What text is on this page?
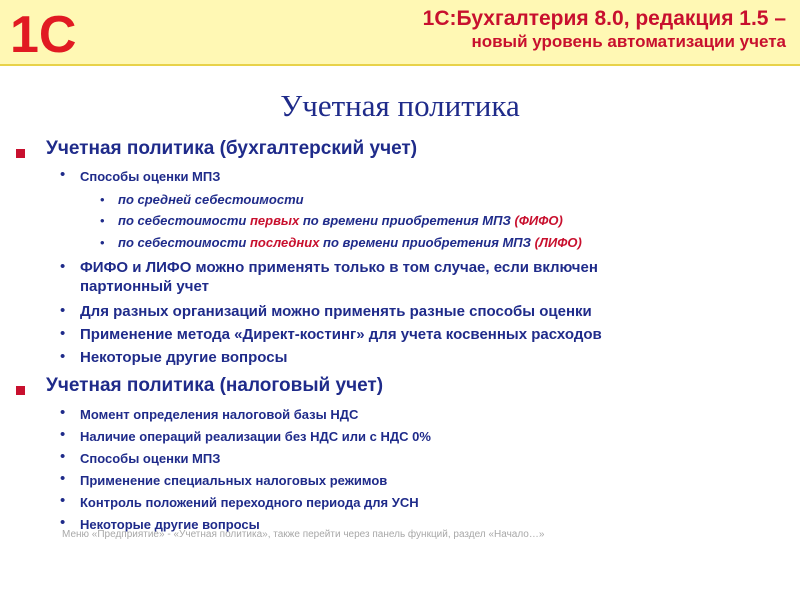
1С	1С:Бухгалтерия 8.0, редакция 1.5 –
новый уровень автоматизации учета
Учетная политика
Учетная политика (бухгалтерский учет)
• Способы оценки МПЗ
• по средней себестоимости
• по себестоимости первых по времени приобретения МПЗ (ФИФО)
• по себестоимости последних по времени приобретения МПЗ (ЛИФО)
• ФИФО и ЛИФО можно применять только в том случае, если включен
партионный учет
• Для разных организаций можно применять разные способы оценки
• Применение метода «Директ-костинг» для учета косвенных расходов
• Некоторые другие вопросы
Учетная политика (налоговый учет)
• Момент определения налоговой базы НДС
• Наличие операций реализации без НДС или с НДС 0%
• Способы оценки МПЗ
• Применение специальных налоговых режимов
• Контроль положений переходного периода для УСН
• Некоторые другие вопросы
Меню «Предприятие» - «Учетная политика», также перейти через панель функций, раздел «Начало…»
